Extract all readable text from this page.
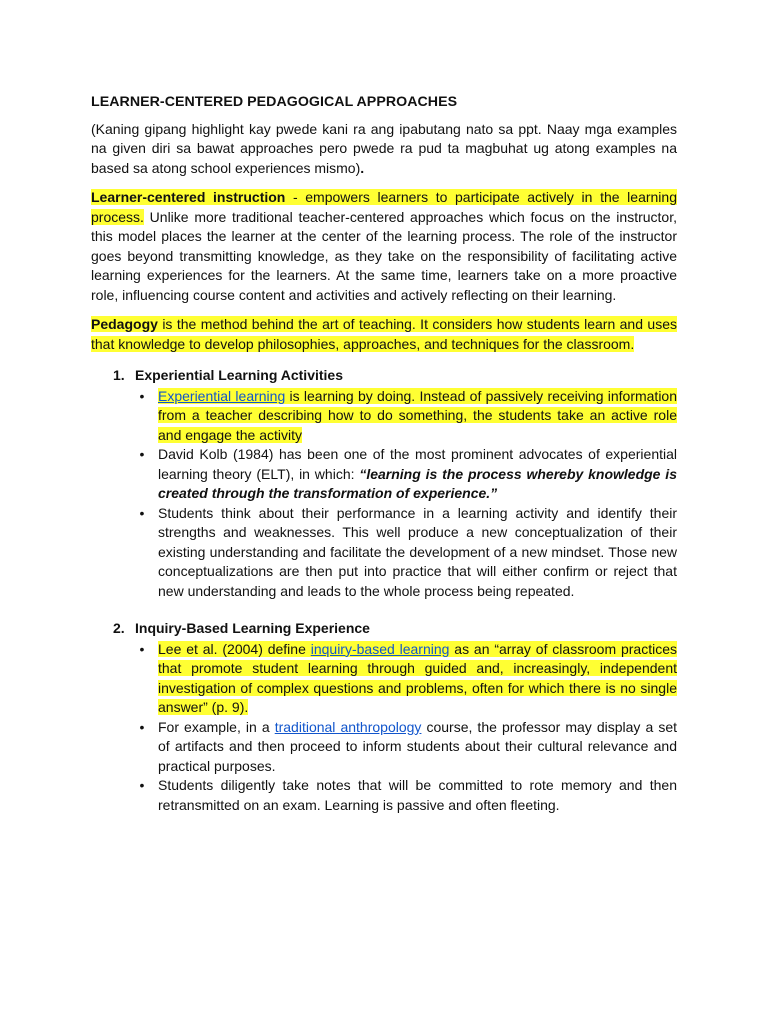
LEARNER-CENTERED PEDAGOGICAL APPROACHES

(Kaning gipang highlight kay pwede kani ra ang ipabutang nato sa ppt. Naay mga examples na given diri sa bawat approaches pero pwede ra pud ta magbuhat ug atong examples na based sa atong school experiences mismo).

Learner-centered instruction - empowers learners to participate actively in the learning process. Unlike more traditional teacher-centered approaches which focus on the instructor, this model places the learner at the center of the learning process. The role of the instructor goes beyond transmitting knowledge, as they take on the responsibility of facilitating active learning experiences for the learners. At the same time, learners take on a more proactive role, influencing course content and activities and actively reflecting on their learning.

Pedagogy is the method behind the art of teaching. It considers how students learn and uses that knowledge to develop philosophies, approaches, and techniques for the classroom.

1. Experiential Learning Activities
• Experiential learning is learning by doing. Instead of passively receiving information from a teacher describing how to do something, the students take an active role and engage the activity
• David Kolb (1984) has been one of the most prominent advocates of experiential learning theory (ELT), in which: “learning is the process whereby knowledge is created through the transformation of experience.”
• Students think about their performance in a learning activity and identify their strengths and weaknesses. This well produce a new conceptualization of their existing understanding and facilitate the development of a new mindset. Those new conceptualizations are then put into practice that will either confirm or reject that new understanding and leads to the whole process being repeated.
2. Inquiry-Based Learning Experience
• Lee et al. (2004) define inquiry-based learning as an “array of classroom practices that promote student learning through guided and, increasingly, independent investigation of complex questions and problems, often for which there is no single answer” (p. 9).
• For example, in a traditional anthropology course, the professor may display a set of artifacts and then proceed to inform students about their cultural relevance and practical purposes.
• Students diligently take notes that will be committed to rote memory and then retransmitted on an exam. Learning is passive and often fleeting.
